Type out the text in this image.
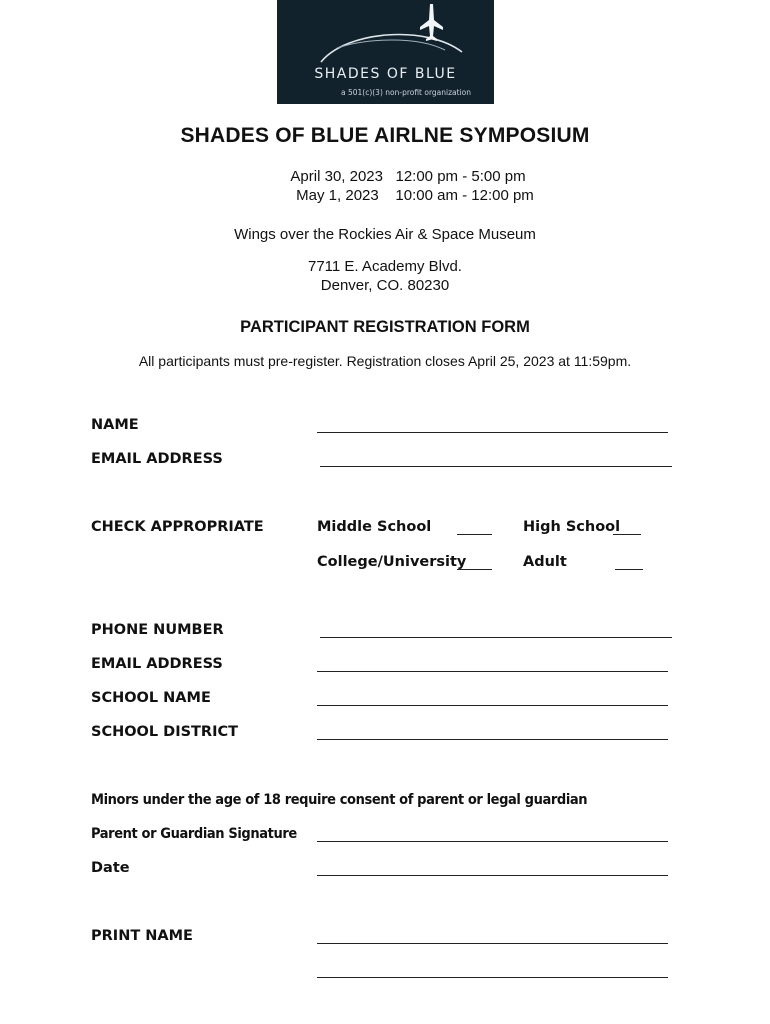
SHADES OF BLUE
a 501(c)(3) non-profit organization
SHADES OF BLUE AIRLNE SYMPOSIUM
April 30, 2023   12:00 pm - 5:00 pm
May 1, 2023    10:00 am - 12:00 pm
Wings over the Rockies Air & Space Museum
7711 E. Academy Blvd.
Denver, CO. 80230
PARTICIPANT REGISTRATION FORM
All participants must pre-register. Registration closes April 25, 2023 at 11:59pm.
NAME
EMAIL ADDRESS
CHECK APPROPRIATE	Middle School	High School
College/University	Adult
PHONE NUMBER
EMAIL ADDRESS
SCHOOL NAME
SCHOOL DISTRICT
Minors under the age of 18 require consent of parent or legal guardian
Parent or Guardian Signature
Date
PRINT NAME
